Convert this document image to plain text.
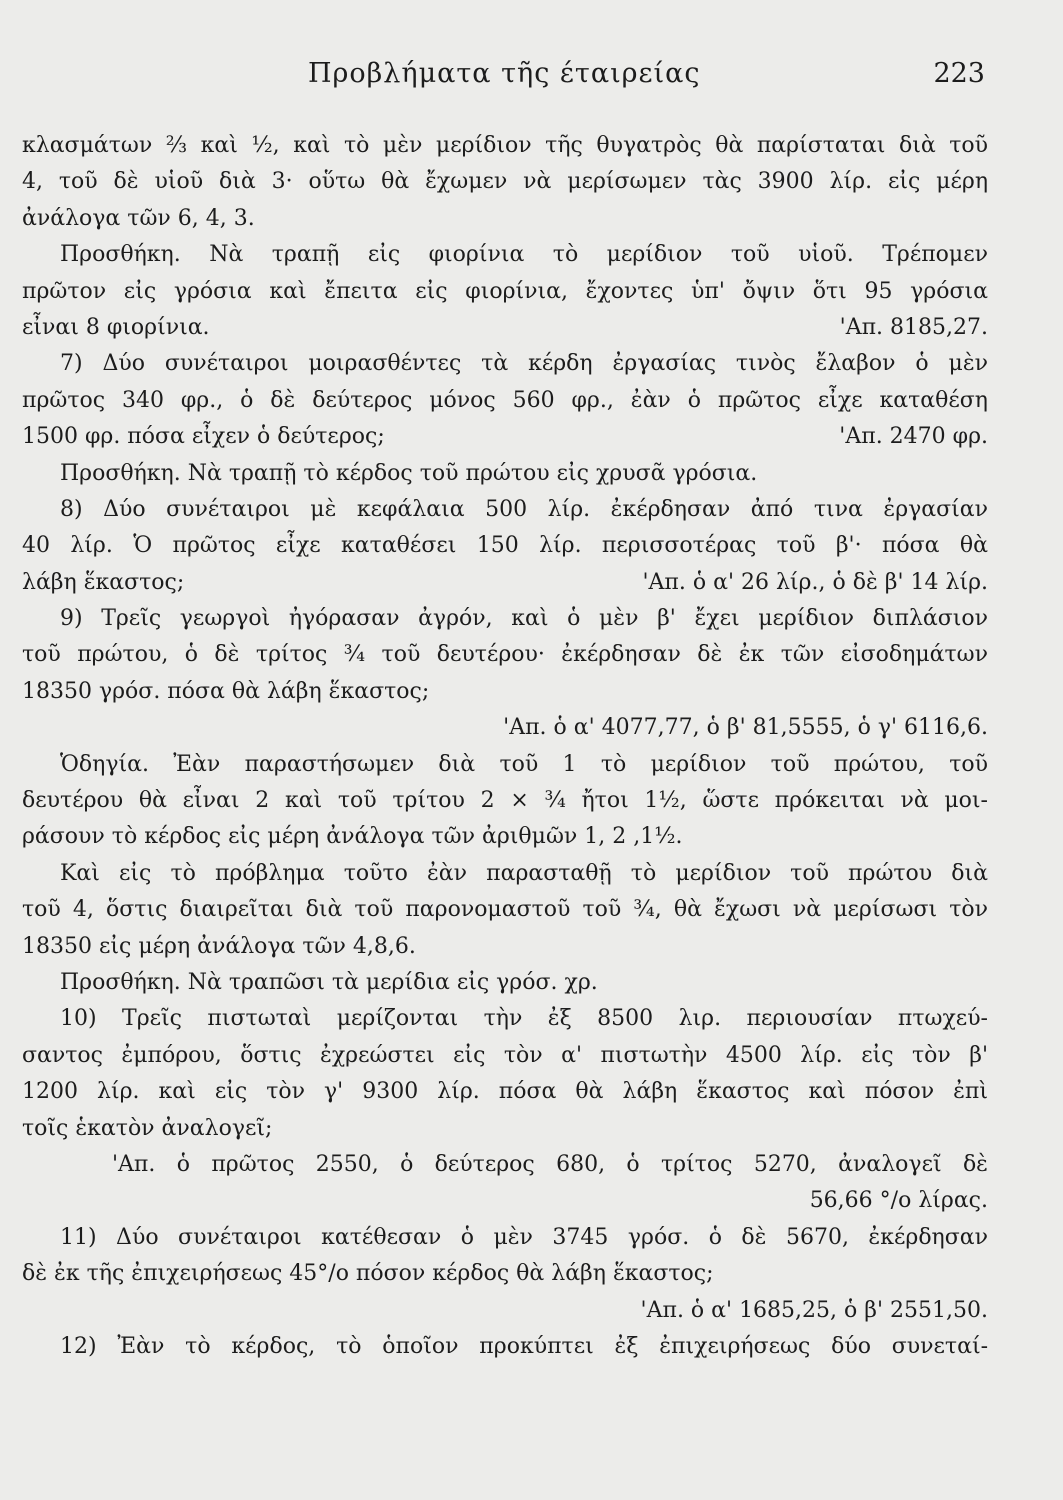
Προβλήματα τῆς έταιρείας	223
κλασμάτων ⅔ καὶ ½, καὶ τὸ μὲν μερίδιον τῆς θυγατρὸς θὰ παρίσταται διὰ τοῦ
4, τοῦ δὲ υἱοῦ διὰ 3· οὕτω θὰ ἔχωμεν νὰ μερίσωμεν τὰς 3900 λίρ. εἰς μέρη
ἀνάλογα τῶν 6, 4, 3.
Προσθήκη. Νὰ τραπῇ εἰς φιορίνια τὸ μερίδιον τοῦ υἱοῦ. Τρέπομεν
πρῶτον εἰς γρόσια καὶ ἔπειτα εἰς φιορίνια, ἔχοντες ὑπ' ὄψιν ὅτι 95 γρόσια
εἶναι 8 φιορίνια.	'Απ. 8185,27.
7) Δύο συνέταιροι μοιρασθέντες τὰ κέρδη ἐργασίας τινὸς ἔλαβον ὁ μὲν
πρῶτος 340 φρ., ὁ δὲ δεύτερος μόνος 560 φρ., ἐὰν ὁ πρῶτος εἶχε καταθέση
1500 φρ. πόσα εἶχεν ὁ δεύτερος;	'Απ. 2470 φρ.
Προσθήκη. Νὰ τραπῇ τὸ κέρδος τοῦ πρώτου εἰς χρυσᾶ γρόσια.
8) Δύο συνέταιροι μὲ κεφάλαια 500 λίρ. ἐκέρδησαν ἀπό τινα ἐργασίαν
40 λίρ. Ὁ πρῶτος εἶχε καταθέσει 150 λίρ. περισσοτέρας τοῦ β'· πόσα θὰ
λάβη ἕκαστος;	'Απ. ὁ α' 26 λίρ., ὁ δὲ β' 14 λίρ.
9) Τρεῖς γεωργοὶ ἠγόρασαν ἀγρόν, καὶ ὁ μὲν β' ἔχει μερίδιον διπλάσιον
τοῦ πρώτου, ὁ δὲ τρίτος ¾ τοῦ δευτέρου· ἐκέρδησαν δὲ ἐκ τῶν εἰσοδημάτων
18350 γρόσ. πόσα θὰ λάβη ἕκαστος;
'Απ. ὁ α' 4077,77, ὁ β' 81,5555, ὁ γ' 6116,6.
Ὁδηγία. Ἐὰν παραστήσωμεν διὰ τοῦ 1 τὸ μερίδιον τοῦ πρώτου, τοῦ
δευτέρου θὰ εἶναι 2 καὶ τοῦ τρίτου 2 × ¾ ἤτοι 1½, ὥστε πρόκειται νὰ μοι-
ράσουν τὸ κέρδος εἰς μέρη ἀνάλογα τῶν ἀριθμῶν 1, 2 ,1½.
Καὶ εἰς τὸ πρόβλημα τοῦτο ἐὰν παρασταθῇ τὸ μερίδιον τοῦ πρώτου διὰ
τοῦ 4, ὅστις διαιρεῖται διὰ τοῦ παρονομαστοῦ τοῦ ¾, θὰ ἔχωσι νὰ μερίσωσι τὸν
18350 εἰς μέρη ἀνάλογα τῶν 4,8,6.
Προσθήκη. Νὰ τραπῶσι τὰ μερίδια εἰς γρόσ. χρ.
10) Τρεῖς πιστωταὶ μερίζονται τὴν ἐξ 8500 λιρ. περιουσίαν πτωχεύ-
σαντος ἐμπόρου, ὅστις ἐχρεώστει εἰς τὸν α' πιστωτὴν 4500 λίρ. εἰς τὸν β'
1200 λίρ. καὶ εἰς τὸν γ' 9300 λίρ. πόσα θὰ λάβη ἕκαστος καὶ πόσον ἐπὶ
τοῖς ἑκατὸν ἀναλογεῖ;
'Απ. ὁ πρῶτος 2550, ὁ δεύτερος 680, ὁ τρίτος 5270, ἀναλογεῖ δὲ
56,66 °/ο λίρας.
11) Δύο συνέταιροι κατέθεσαν ὁ μὲν 3745 γρόσ. ὁ δὲ 5670, ἐκέρδησαν
δὲ ἐκ τῆς ἐπιχειρήσεως 45°/ο πόσον κέρδος θὰ λάβη ἕκαστος;
'Απ. ὁ α' 1685,25, ὁ β' 2551,50.
12) Ἐὰν τὸ κέρδος, τὸ ὁποῖον προκύπτει ἐξ ἐπιχειρήσεως δύο συνεταί-
